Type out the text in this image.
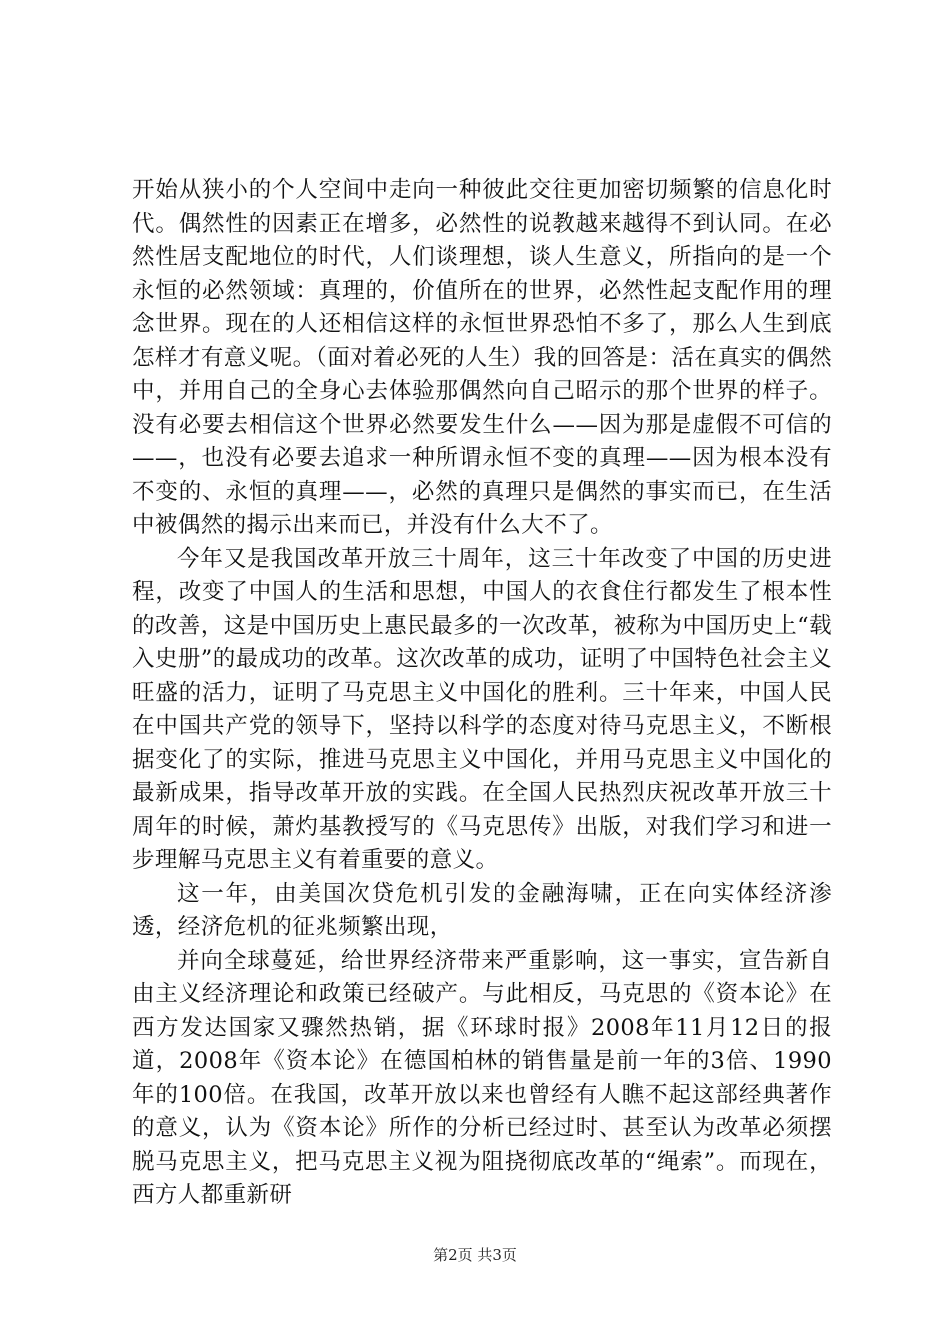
开始从狭小的个人空间中走向一种彼此交往更加密切频繁的信息化时代。偶然性的因素正在增多，必然性的说教越来越得不到认同。在必然性居支配地位的时代，人们谈理想，谈人生意义，所指向的是一个永恒的必然领域：真理的，价值所在的世界，必然性起支配作用的理念世界。现在的人还相信这样的永恒世界恐怕不多了，那么人生到底怎样才有意义呢。（面对着必死的人生）我的回答是：活在真实的偶然中，并用自己的全身心去体验那偶然向自己昭示的那个世界的样子。没有必要去相信这个世界必然要发生什么——因为那是虚假不可信的——，也没有必要去追求一种所谓永恒不变的真理——因为根本没有不变的、永恒的真理——，必然的真理只是偶然的事实而已，在生活中被偶然的揭示出来而已，并没有什么大不了。

今年又是我国改革开放三十周年，这三十年改变了中国的历史进程，改变了中国人的生活和思想，中国人的衣食住行都发生了根本性的改善，这是中国历史上惠民最多的一次改革，被称为中国历史上“载入史册”的最成功的改革。这次改革的成功，证明了中国特色社会主义旺盛的活力，证明了马克思主义中国化的胜利。三十年来，中国人民在中国共产党的领导下，坚持以科学的态度对待马克思主义，不断根据变化了的实际，推进马克思主义中国化，并用马克思主义中国化的最新成果，指导改革开放的实践。在全国人民热烈庆祝改革开放三十周年的时候，萧灼基教授写的《马克思传》出版，对我们学习和进一步理解马克思主义有着重要的意义。

这一年，由美国次贷危机引发的金融海啸，正在向实体经济渗透，经济危机的征兆频繁出现，

并向全球蔓延，给世界经济带来严重影响，这一事实，宣告新自由主义经济理论和政策已经破产。与此相反，马克思的《资本论》在西方发达国家又骤然热销，据《环球时报》2008年11月12日的报道，2008年《资本论》在德国柏林的销售量是前一年的3倍、1990年的100倍。在我国，改革开放以来也曾经有人瞧不起这部经典著作的意义，认为《资本论》所作的分析已经过时、甚至认为改革必须摆脱马克思主义，把马克思主义视为阻挠彻底改革的“绳索”。而现在，西方人都重新研

第2页 共3页
